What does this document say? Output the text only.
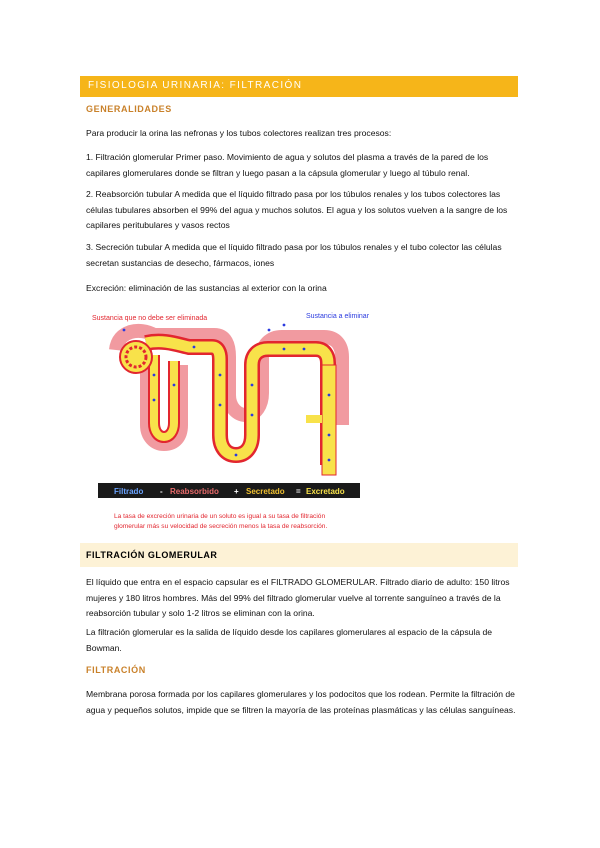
FISIOLOGIA URINARIA: FILTRACIÓN
GENERALIDADES
Para producir la orina las nefronas y los tubos colectores realizan tres procesos:
1. Filtración glomerular Primer paso. Movimiento de agua y solutos del plasma a través de la pared de los capilares glomerulares donde se filtran y luego pasan a la cápsula glomerular y luego al túbulo renal.
2. Reabsorción tubular A medida que el líquido filtrado pasa por los túbulos renales y los tubos colectores las células tubulares absorben el 99% del agua y muchos solutos. El agua y los solutos vuelven a la sangre de los capilares peritubulares y vasos rectos
3. Secreción tubular A medida que el líquido filtrado pasa por los túbulos renales y el tubo colector las células secretan sustancias de desecho, fármacos, iones
Excreción: eliminación de las sustancias al exterior con la orina
Sustancia que no debe ser eliminada	Sustancia a eliminar
Filtrado - Reabsorbido + Secretado = Excretado
La tasa de excreción urinaria de un soluto es igual a su tasa de filtración
glomerular más su velocidad de secreción menos la tasa de reabsorción.
FILTRACIÓN GLOMERULAR
El líquido que entra en el espacio capsular es el FILTRADO GLOMERULAR. Filtrado diario de adulto: 150 litros mujeres y 180 litros hombres. Más del 99% del filtrado glomerular vuelve al torrente sanguíneo a través de la reabsorción tubular y solo 1-2 litros se eliminan con la orina.
La filtración glomerular es la salida de líquido desde los capilares glomerulares al espacio de la cápsula de Bowman.
FILTRACIÓN
Membrana porosa formada por los capilares glomerulares y los podocitos que los rodean. Permite la filtración de agua y pequeños solutos, impide que se filtren la mayoría de las proteínas plasmáticas y las células sanguíneas.
